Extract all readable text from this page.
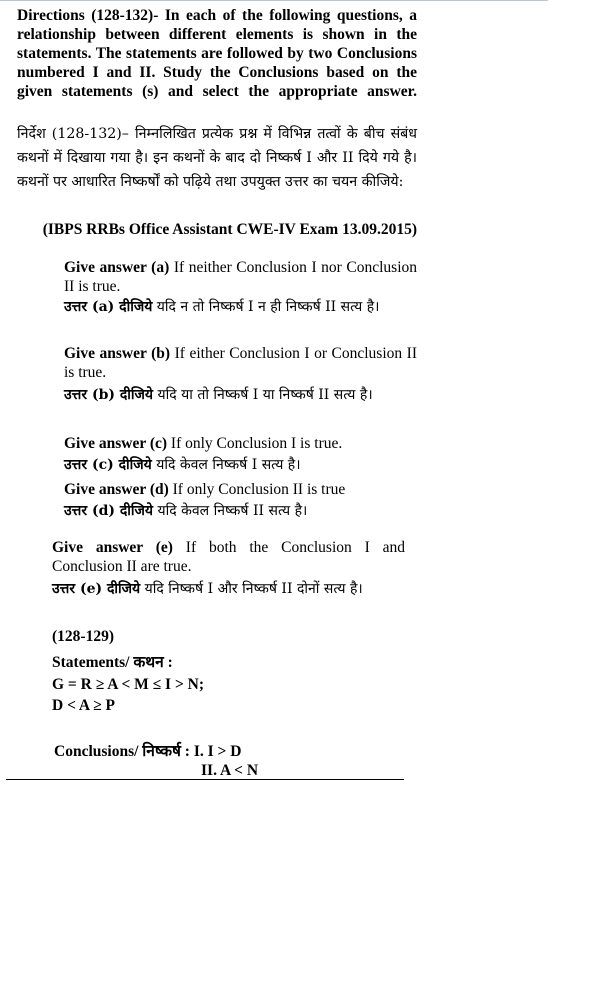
Directions (128-132)- In each of the following questions, a relationship between different elements is shown in the statements. The statements are followed by two Conclusions numbered I and II. Study the Conclusions based on the given statements (s) and select the appropriate answer.

निर्देश (128-132)– निम्नलिखित प्रत्येक प्रश्न में विभिन्न तत्वों के बीच संबंध कथनों में दिखाया गया है। इन कथनों के बाद दो निष्कर्ष I और II दिये गये है। कथनों पर आधारित निष्कर्षों को पढ़िये तथा उपयुक्त उत्तर का चयन कीजिये:

(IBPS RRBs Office Assistant CWE-IV Exam 13.09.2015)

Give answer (a) If neither Conclusion I nor Conclusion II is true.

उत्तर (a) दीजिये यदि न तो निष्कर्ष I न ही निष्कर्ष II सत्य है।

Give answer (b) If either Conclusion I or Conclusion II is true.

उत्तर (b) दीजिये यदि या तो निष्कर्ष I या निष्कर्ष II सत्य है।

Give answer (c) If only Conclusion I is true.

उत्तर (c) दीजिये यदि केवल निष्कर्ष I सत्य है।

Give answer (d) If only Conclusion II is true

उत्तर (d) दीजिये यदि केवल निष्कर्ष II सत्य है।

Give answer (e) If both the Conclusion I and Conclusion II are true.

उत्तर (e) दीजिये यदि निष्कर्ष I और निष्कर्ष II दोनों सत्य है।

(128-129)

Statements/ कथन :

G = R ≥ A < M ≤ I > N;

D < A ≥ P

Conclusions/ निष्कर्ष : I. I > D

II. A < N
